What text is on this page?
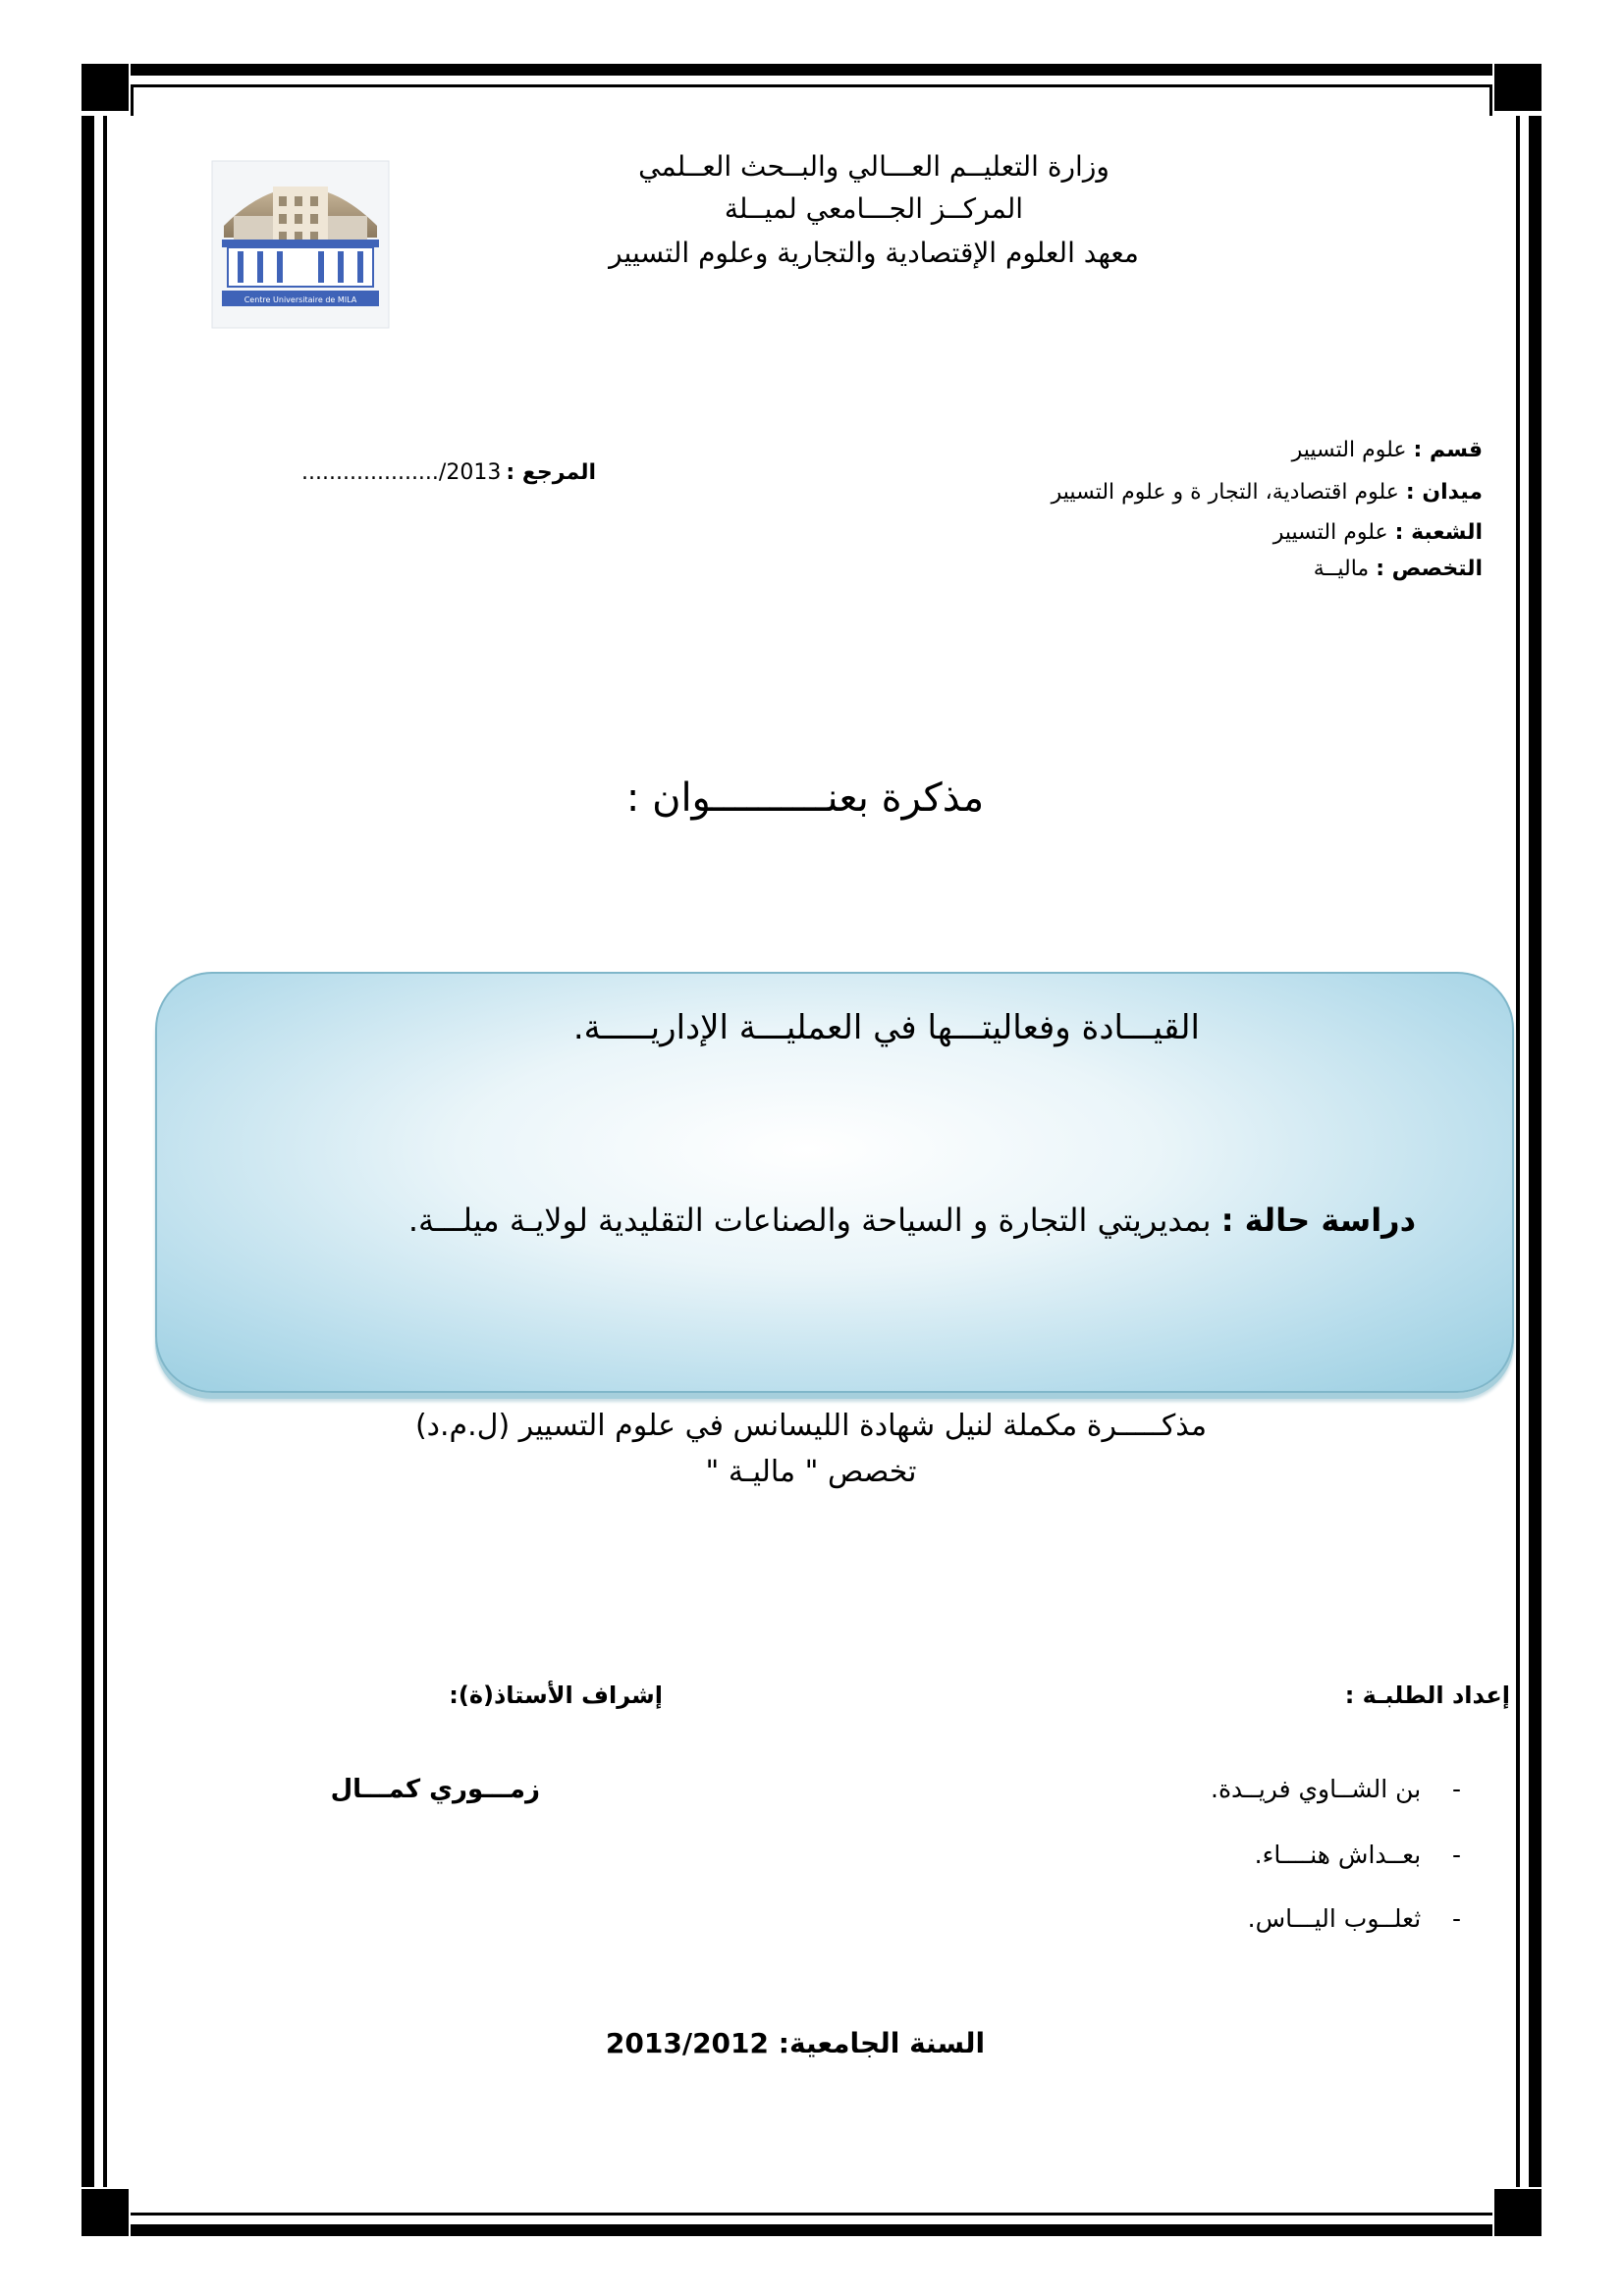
وزارة التعليــم العـــالي والبــحث العــلمي
المركــز الجـــامعي لميــلة
معهد العلوم الإقتصادية والتجارية وعلوم التسيير
Centre Universitaire de MILA
المرجع : 2013/....................
قسم : علوم التسيير
ميدان : علوم اقتصادية، التجار ة و علوم التسيير
الشعبة : علوم التسيير
التخصص : ماليــة
مذكرة بعنــــــــــوان :
القيـــادة وفعاليتـــها في العمليـــة الإداريـــــة.
دراسة حالة : بمديريتي التجارة و السياحة والصناعات التقليدية لولايـة ميلـــة.
مذكـــــرة مكملة لنيل شهادة الليسانس في علوم التسيير (ل.م.د)
تخصص " ماليـة "
إعداد الطلبـة :
إشراف الأستاذ(ة):
-    بن الشــاوي فريــدة.
-    بعــداش هنــــاء.
-    ثعلــوب اليـــاس.
زمـــوري كمـــال
السنة الجامعية: 2013/2012
